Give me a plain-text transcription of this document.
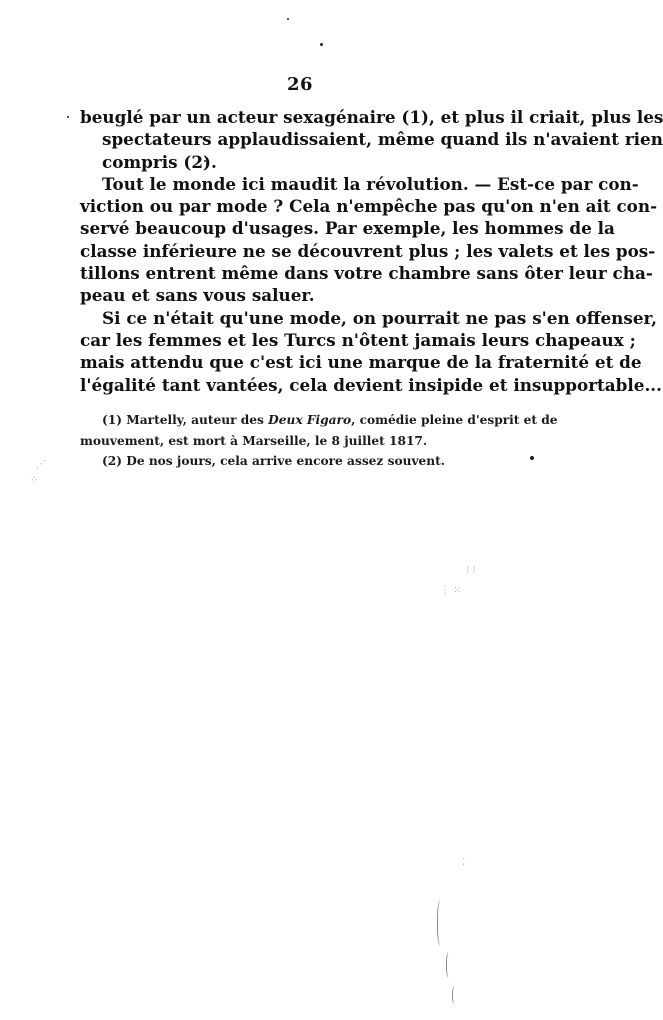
⋰
⁘
⁝ ⁝
⋮ ⁙
⁚
26
beuglé par un acteur sexagénaire (1), et plus il criait, plus les
spectateurs applaudissaient, même quand ils n'avaient rien
compris (2).
Tout le monde ici maudit la révolution. — Est-ce par con-
viction ou par mode ? Cela n'empêche pas qu'on n'en ait con-
servé beaucoup d'usages. Par exemple, les hommes de la
classe inférieure ne se découvrent plus ; les valets et les pos-
tillons entrent même dans votre chambre sans ôter leur cha-
peau et sans vous saluer.
Si ce n'était qu'une mode, on pourrait ne pas s'en offenser,
car les femmes et les Turcs n'ôtent jamais leurs chapeaux ;
mais attendu que c'est ici une marque de la fraternité et de
l'égalité tant vantées, cela devient insipide et insupportable...
(1) Martelly, auteur des Deux Figaro, comédie pleine d'esprit et de
mouvement, est mort à Marseille, le 8 juillet 1817.
(2) De nos jours, cela arrive encore assez souvent.
